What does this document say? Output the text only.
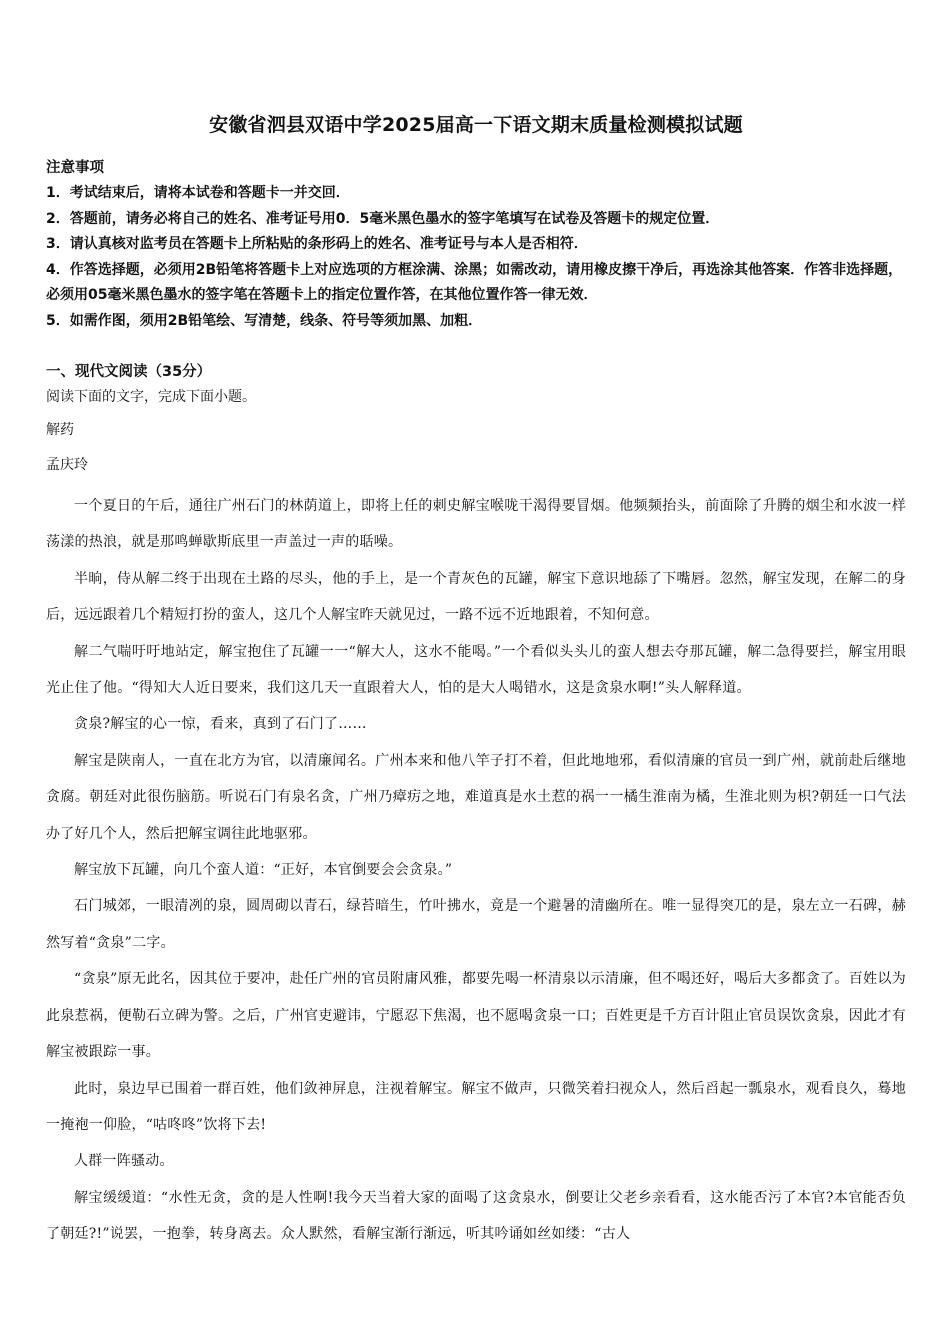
安徽省泗县双语中学2025届高一下语文期末质量检测模拟试题
注意事项
1．考试结束后，请将本试卷和答题卡一并交回．
2．答题前，请务必将自己的姓名、准考证号用0．5毫米黑色墨水的签字笔填写在试卷及答题卡的规定位置．
3．请认真核对监考员在答题卡上所粘贴的条形码上的姓名、准考证号与本人是否相符．
4．作答选择题，必须用2B铅笔将答题卡上对应选项的方框涂满、涂黑；如需改动，请用橡皮擦干净后，再选涂其他答案．作答非选择题，必须用05毫米黑色墨水的签字笔在答题卡上的指定位置作答，在其他位置作答一律无效．
5．如需作图，须用2B铅笔绘、写清楚，线条、符号等须加黑、加粗．
一、现代文阅读（35分）
阅读下面的文字，完成下面小题。
解药
孟庆玲

一个夏日的午后，通往广州石门的林荫道上，即将上任的刺史解宝喉咙干渴得要冒烟。他频频抬头，前面除了升腾的烟尘和水波一样荡漾的热浪，就是那鸣蝉歇斯底里一声盖过一声的聒噪。

半晌，侍从解二终于出现在土路的尽头，他的手上，是一个青灰色的瓦罐，解宝下意识地舔了下嘴唇。忽然，解宝发现，在解二的身后，远远跟着几个精短打扮的蛮人，这几个人解宝昨天就见过，一路不远不近地跟着，不知何意。

解二气喘吁吁地站定，解宝抱住了瓦罐一一“解大人，这水不能喝。”一个看似头头儿的蛮人想去夺那瓦罐，解二急得要拦，解宝用眼光止住了他。“得知大人近日要来，我们这几天一直跟着大人，怕的是大人喝错水，这是贪泉水啊!”头人解释道。

贪泉?解宝的心一惊，看来，真到了石门了……

解宝是陕南人，一直在北方为官，以清廉闻名。广州本来和他八竿子打不着，但此地地邪，看似清廉的官员一到广州，就前赴后继地贪腐。朝廷对此很伤脑筋。听说石门有泉名贪，广州乃瘴疠之地，难道真是水土惹的祸一一橘生淮南为橘，生淮北则为枳?朝廷一口气法办了好几个人，然后把解宝调往此地驱邪。

解宝放下瓦罐，向几个蛮人道：“正好，本官倒要会会贪泉。”

石门城郊，一眼清冽的泉，圆周砌以青石，绿苔暗生，竹叶拂水，竟是一个避暑的清幽所在。唯一显得突兀的是，泉左立一石碑，赫然写着“贪泉”二字。

“贪泉”原无此名，因其位于要冲，赴任广州的官员附庸风雅，都要先喝一杯清泉以示清廉，但不喝还好，喝后大多都贪了。百姓以为此泉惹祸，便勒石立碑为警。之后，广州官吏避讳，宁愿忍下焦渴，也不愿喝贪泉一口；百姓更是千方百计阻止官员误饮贪泉，因此才有解宝被跟踪一事。

此时，泉边早已围着一群百姓，他们敛神屏息，注视着解宝。解宝不做声，只微笑着扫视众人，然后舀起一瓢泉水，观看良久，蓦地一掩袍一仰脸，“咕咚咚”饮将下去!

人群一阵骚动。

解宝缓缓道：“水性无贪，贪的是人性啊!我今天当着大家的面喝了这贪泉水，倒要让父老乡亲看看，这水能否污了本官?本官能否负了朝廷?!”说罢，一抱拳，转身离去。众人默然，看解宝渐行渐远，听其吟诵如丝如缕：“古人
